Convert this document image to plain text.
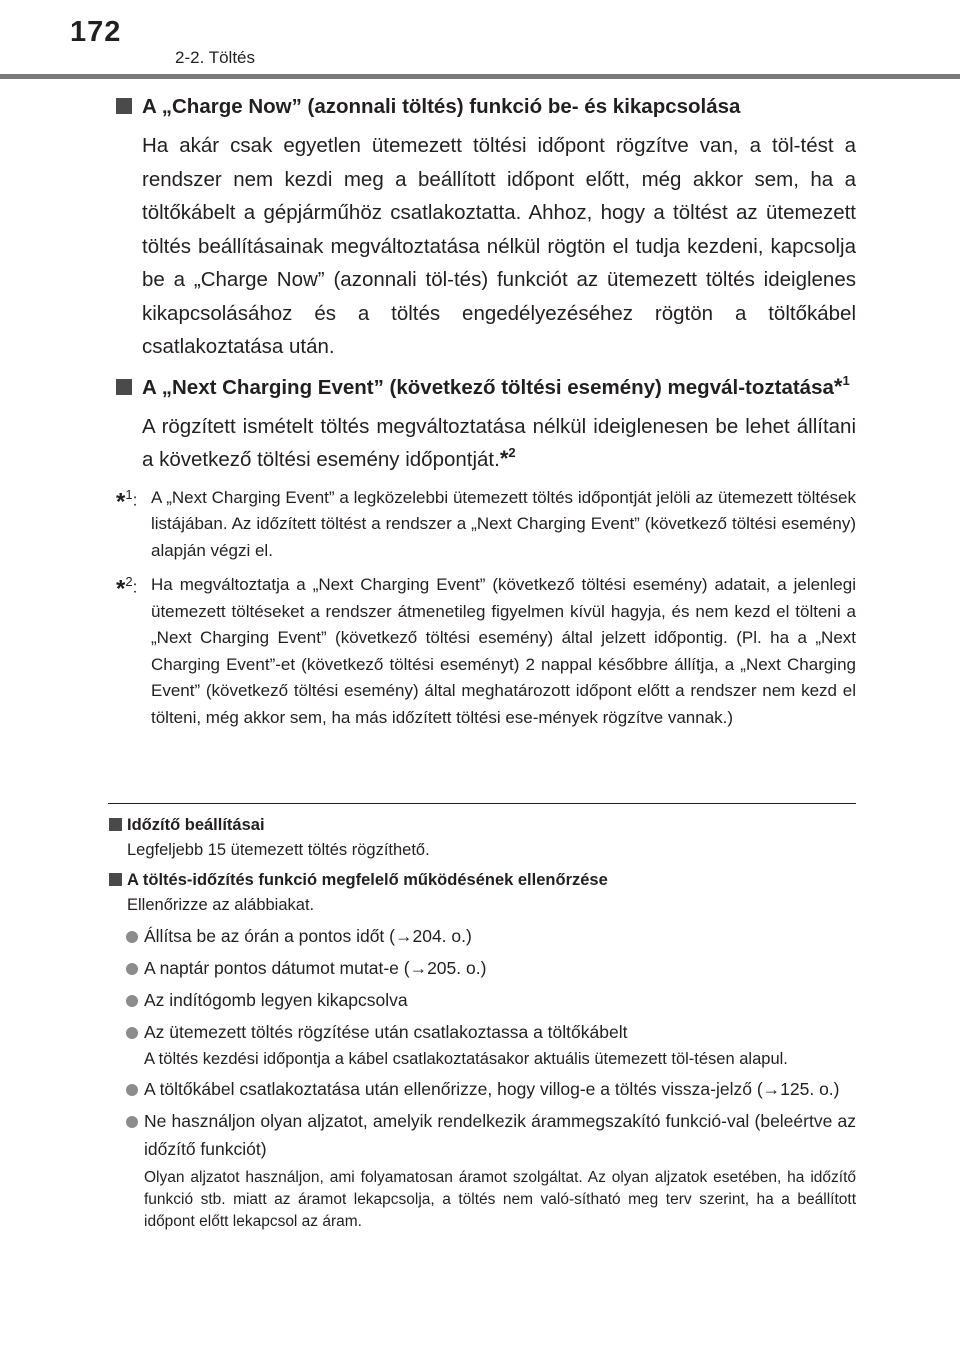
172
2-2. Töltés
A „Charge Now” (azonnali töltés) funkció be- és kikapcsolása
Ha akár csak egyetlen ütemezett töltési időpont rögzítve van, a töl-tést a rendszer nem kezdi meg a beállított időpont előtt, még akkor sem, ha a töltőkábelt a gépjárműhöz csatlakoztatta. Ahhoz, hogy a töltést az ütemezett töltés beállításainak megváltoztatása nélkül rögtön el tudja kezdeni, kapcsolja be a „Charge Now” (azonnali töl-tés) funkciót az ütemezett töltés ideiglenes kikapcsolásához és a töltés engedélyezéséhez rögtön a töltőkábel csatlakoztatása után.
A „Next Charging Event” (következő töltési esemény) megvál-toztatása*$^1$
A rögzített ismételt töltés megváltoztatása nélkül ideiglenesen be lehet állítani a következő töltési esemény időpontját.*$^2$
*$^1$: A „Next Charging Event” a legközelebbi ütemezett töltés időpontját jelöli az ütemezett töltések listájában. Az időzített töltést a rendszer a „Next Charging Event” (következő töltési esemény) alapján végzi el.
*$^2$: Ha megváltoztatja a „Next Charging Event” (következő töltési esemény) adatait, a jelenlegi ütemezett töltéseket a rendszer átmenetileg figyelmen kívül hagyja, és nem kezd el tölteni a „Next Charging Event” (következő töltési esemény) által jelzett időpontig. (Pl. ha a „Next Charging Event”-et (következő töltési eseményt) 2 nappal későbbre állítja, a „Next Charging Event” (következő töltési esemény) által meghatározott időpont előtt a rendszer nem kezd el tölteni, még akkor sem, ha más időzített töltési ese-mények rögzítve vannak.)
Időzítő beállításai
Legfeljebb 15 ütemezett töltés rögzíthető.
A töltés-időzítés funkció megfelelő működésének ellenőrzése
Ellenőrizze az alábbiakat.
Állítsa be az órán a pontos időt (→204. o.)
A naptár pontos dátumot mutat-e (→205. o.)
Az indítógomb legyen kikapcsolva
Az ütemezett töltés rögzítése után csatlakoztassa a töltőkábelt
A töltés kezdési időpontja a kábel csatlakoztatásakor aktuális ütemezett töl-tésen alapul.
A töltőkábel csatlakoztatása után ellenőrizze, hogy villog-e a töltés vissza-jelző (→125. o.)
Ne használjon olyan aljzatot, amelyik rendelkezik árammegszakító funkció-val (beleértve az időzítő funkciót)
Olyan aljzatot használjon, ami folyamatosan áramot szolgáltat. Az olyan aljzatok esetében, ha időzítő funkció stb. miatt az áramot lekapcsolja, a töltés nem való-sítható meg terv szerint, ha a beállított időpont előtt lekapcsol az áram.
